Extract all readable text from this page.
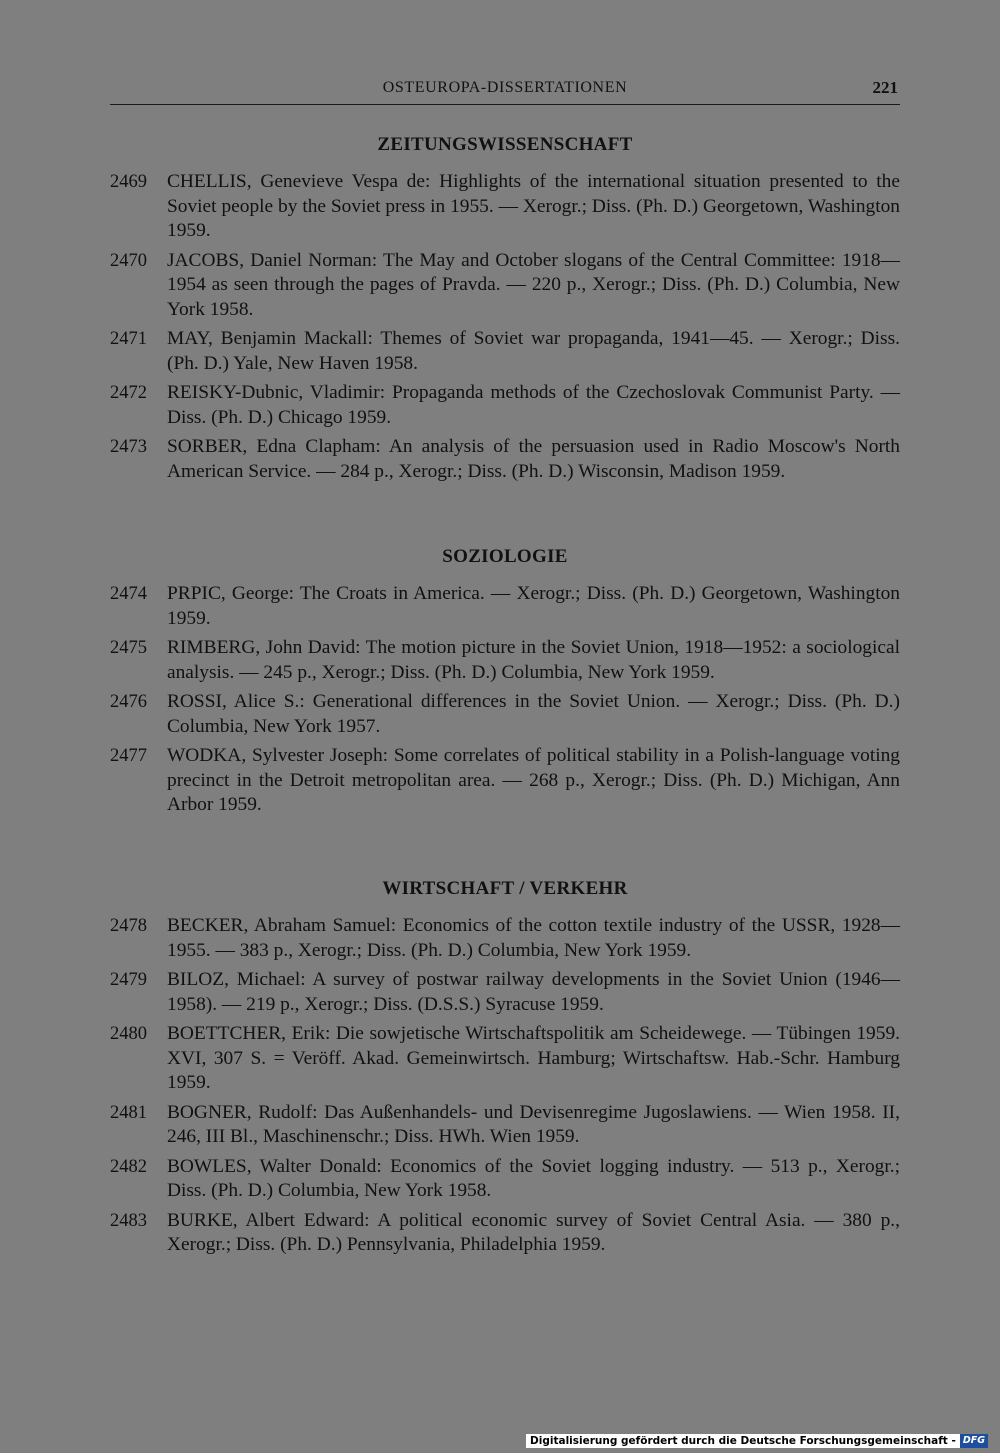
OSTEUROPA-DISSERTATIONEN	221
ZEITUNGSWISSENSCHAFT
2469 CHELLIS, Genevieve Vespa de: Highlights of the international situation presented to the Soviet people by the Soviet press in 1955. — Xerogr.; Diss. (Ph. D.) Georgetown, Washington 1959.
2470 JACOBS, Daniel Norman: The May and October slogans of the Central Committee: 1918—1954 as seen through the pages of Pravda. — 220 p., Xerogr.; Diss. (Ph. D.) Columbia, New York 1958.
2471 MAY, Benjamin Mackall: Themes of Soviet war propaganda, 1941—45. — Xerogr.; Diss. (Ph. D.) Yale, New Haven 1958.
2472 REISKY-Dubnic, Vladimir: Propaganda methods of the Czechoslovak Communist Party. — Diss. (Ph. D.) Chicago 1959.
2473 SORBER, Edna Clapham: An analysis of the persuasion used in Radio Moscow's North American Service. — 284 p., Xerogr.; Diss. (Ph. D.) Wisconsin, Madison 1959.
SOZIOLOGIE
2474 PRPIC, George: The Croats in America. — Xerogr.; Diss. (Ph. D.) Georgetown, Washington 1959.
2475 RIMBERG, John David: The motion picture in the Soviet Union, 1918—1952: a sociological analysis. — 245 p., Xerogr.; Diss. (Ph. D.) Columbia, New York 1959.
2476 ROSSI, Alice S.: Generational differences in the Soviet Union. — Xerogr.; Diss. (Ph. D.) Columbia, New York 1957.
2477 WODKA, Sylvester Joseph: Some correlates of political stability in a Polish-language voting precinct in the Detroit metropolitan area. — 268 p., Xerogr.; Diss. (Ph. D.) Michigan, Ann Arbor 1959.
WIRTSCHAFT / VERKEHR
2478 BECKER, Abraham Samuel: Economics of the cotton textile industry of the USSR, 1928—1955. — 383 p., Xerogr.; Diss. (Ph. D.) Columbia, New York 1959.
2479 BILOZ, Michael: A survey of postwar railway developments in the Soviet Union (1946—1958). — 219 p., Xerogr.; Diss. (D.S.S.) Syracuse 1959.
2480 BOETTCHER, Erik: Die sowjetische Wirtschaftspolitik am Scheidewege. — Tübingen 1959. XVI, 307 S. = Veröff. Akad. Gemeinwirtsch. Hamburg; Wirtschaftsw. Hab.-Schr. Hamburg 1959.
2481 BOGNER, Rudolf: Das Außenhandels- und Devisenregime Jugoslawiens. — Wien 1958. II, 246, III Bl., Maschinenschr.; Diss. HWh. Wien 1959.
2482 BOWLES, Walter Donald: Economics of the Soviet logging industry. — 513 p., Xerogr.; Diss. (Ph. D.) Columbia, New York 1958.
2483 BURKE, Albert Edward: A political economic survey of Soviet Central Asia. — 380 p., Xerogr.; Diss. (Ph. D.) Pennsylvania, Philadelphia 1959.
Digitalisierung gefördert durch die Deutsche Forschungsgemeinschaft - DFG
